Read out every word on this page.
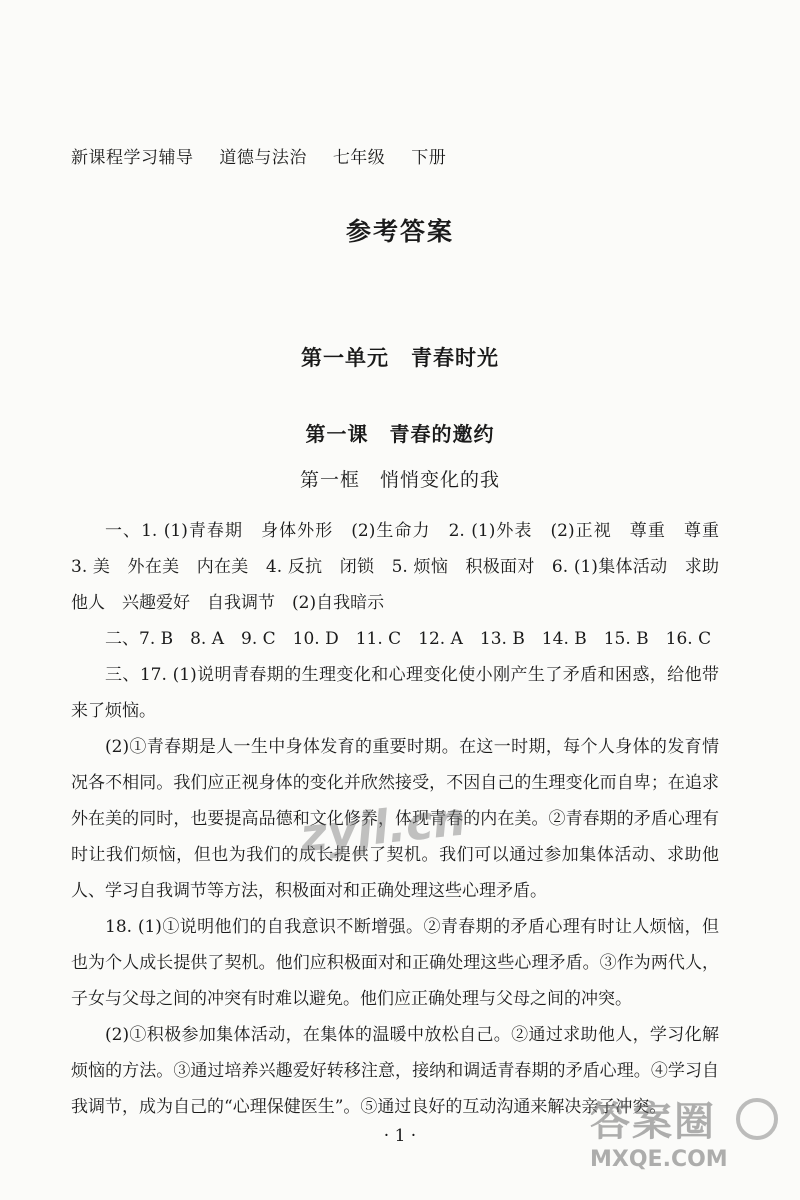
新课程学习辅导 道德与法治 七年级 下册
参考答案
第一单元　青春时光
第一课　青春的邀约
第一框　悄悄变化的我

一、1. (1)青春期　身体外形　(2)生命力　2. (1)外表　(2)正视　尊重　尊重　3. 美　外在美　内在美　4. 反抗　闭锁　5. 烦恼　积极面对　6. (1)集体活动　求助他人　兴趣爱好　自我调节　(2)自我暗示

二、7. B　8. A　9. C　10. D　11. C　12. A　13. B　14. B　15. B　16. C

三、17. (1)说明青春期的生理变化和心理变化使小刚产生了矛盾和困惑，给他带来了烦恼。

(2)①青春期是人一生中身体发育的重要时期。在这一时期，每个人身体的发育情况各不相同。我们应正视身体的变化并欣然接受，不因自己的生理变化而自卑；在追求外在美的同时，也要提高品德和文化修养，体现青春的内在美。②青春期的矛盾心理有时让我们烦恼，但也为我们的成长提供了契机。我们可以通过参加集体活动、求助他人、学习自我调节等方法，积极面对和正确处理这些心理矛盾。

18. (1)①说明他们的自我意识不断增强。②青春期的矛盾心理有时让人烦恼，但也为个人成长提供了契机。他们应积极面对和正确处理这些心理矛盾。③作为两代人，子女与父母之间的冲突有时难以避免。他们应正确处理与父母之间的冲突。

(2)①积极参加集体活动，在集体的温暖中放松自己。②通过求助他人，学习化解烦恼的方法。③通过培养兴趣爱好转移注意，接纳和调适青春期的矛盾心理。④学习自我调节，成为自己的“心理保健医生”。⑤通过良好的互动沟通来解决亲子冲突。

· 1 ·
zyjl.cn
答案圈
MXQE.COM
